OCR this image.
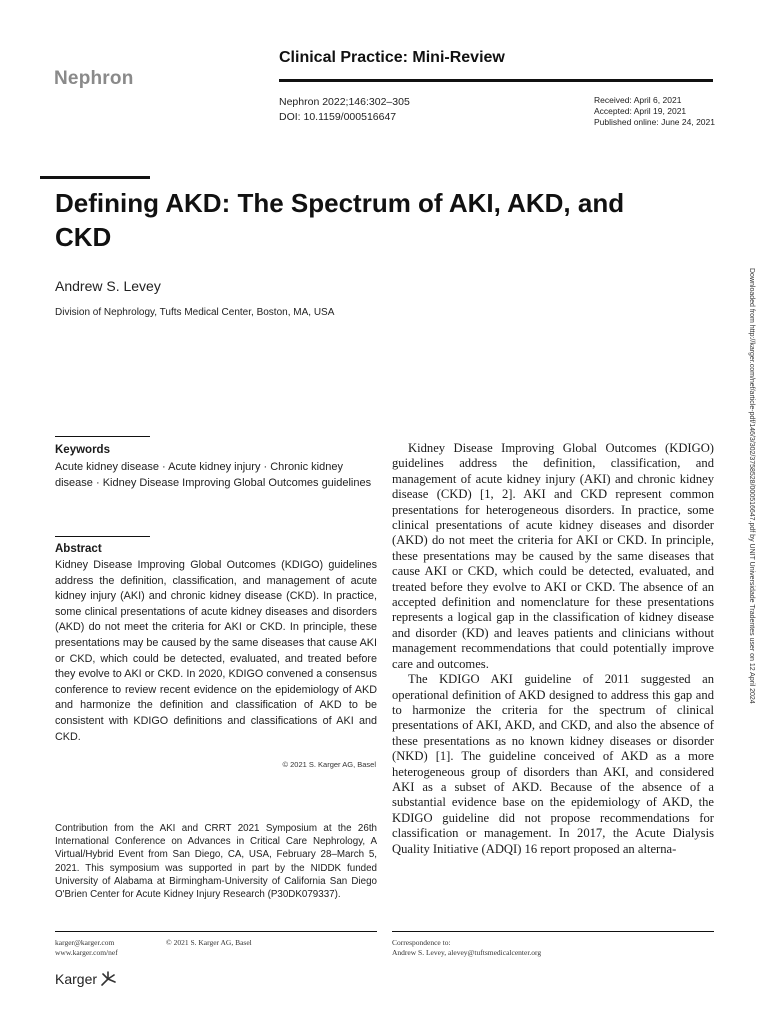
Nephron
Clinical Practice: Mini-Review
Nephron 2022;146:302–305
DOI: 10.1159/000516647
Received: April 6, 2021
Accepted: April 19, 2021
Published online: June 24, 2021
Defining AKD: The Spectrum of AKI, AKD, and CKD
Andrew S. Levey
Division of Nephrology, Tufts Medical Center, Boston, MA, USA	Downloaded from http://karger.com/nef/article-pdf/146/3/302/3758528/000516647.pdf by UNIT Universidade Tradentes user on 12 April 2024
Keywords
Acute kidney disease · Acute kidney injury · Chronic kidney disease · Kidney Disease Improving Global Outcomes guidelines
Abstract
Kidney Disease Improving Global Outcomes (KDIGO) guidelines address the definition, classification, and management of acute kidney injury (AKI) and chronic kidney disease (CKD). In practice, some clinical presentations of acute kidney diseases and disorders (AKD) do not meet the criteria for AKI or CKD. In principle, these presentations may be caused by the same diseases that cause AKI or CKD, which could be detected, evaluated, and treated before they evolve to AKI or CKD. In 2020, KDIGO convened a consensus conference to review recent evidence on the epidemiology of AKD and harmonize the definition and classification of AKD to be consistent with KDIGO definitions and classifications of AKI and CKD.
© 2021 S. Karger AG, Basel
Contribution from the AKI and CRRT 2021 Symposium at the 26th International Conference on Advances in Critical Care Nephrology, A Virtual/Hybrid Event from San Diego, CA, USA, February 28–March 5, 2021. This symposium was supported in part by the NIDDK funded University of Alabama at Birmingham-University of California San Diego O'Brien Center for Acute Kidney Injury Research (P30DK079337).

Kidney Disease Improving Global Outcomes (KDIGO) guidelines address the definition, classification, and management of acute kidney injury (AKI) and chronic kidney disease (CKD) [1, 2]. AKI and CKD represent common presentations for heterogeneous disorders. In practice, some clinical presentations of acute kidney diseases and disorder (AKD) do not meet the criteria for AKI or CKD. In principle, these presentations may be caused by the same diseases that cause AKI or CKD, which could be detected, evaluated, and treated before they evolve to AKI or CKD. The absence of an accepted definition and nomenclature for these presentations represents a logical gap in the classification of kidney disease and disorder (KD) and leaves patients and clinicians without management recommendations that could potentially improve care and outcomes.

The KDIGO AKI guideline of 2011 suggested an operational definition of AKD designed to address this gap and to harmonize the criteria for the spectrum of clinical presentations of AKI, AKD, and CKD, and also the absence of these presentations as no known kidney diseases or disorder (NKD) [1]. The guideline conceived of AKD as a more heterogeneous group of disorders than AKI, and considered AKI as a subset of AKD. Because of the absence of a substantial evidence base on the epidemiology of AKD, the KDIGO guideline did not propose recommendations for classification or management. In 2017, the Acute Dialysis Quality Initiative (ADQI) 16 report proposed an alterna-

karger@karger.com
www.karger.com/nef
© 2021 S. Karger AG, Basel	Correspondence to:
Andrew S. Levey, alevey@tuftsmedicalcenter.org
Karger
